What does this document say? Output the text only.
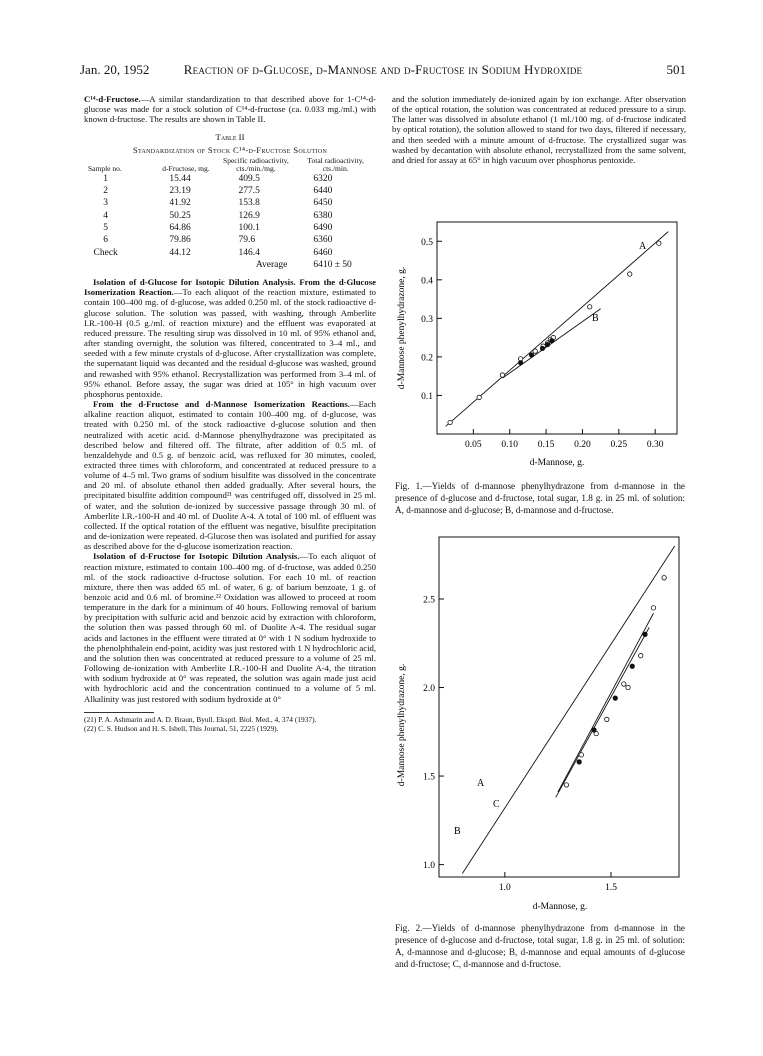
Jan. 20, 1952	Reaction of d-Glucose, d-Mannose and d-Fructose in Sodium Hydroxide	501

C¹⁴-d-Fructose.—A similar standardization to that described above for 1-C¹⁴-d-glucose was made for a stock solution of C¹⁴-d-fructose (ca. 0.033 mg./ml.) with known d-fructose. The results are shown in Table II.

Table II
Standardization of Stock C¹⁴-d-Fructose Solution
Sample no.	d-Fructose, mg.	Specific radioactivity, cts./min./mg.	Total radioactivity, cts./min.
1	15.44	409.5	6320
2	23.19	277.5	6440
3	41.92	153.8	6450
4	50.25	126.9	6380
5	64.86	100.1	6490
6	79.86	79.6	6360
Check	44.12	146.4	6460
		Average	6410 ± 50

Isolation of d-Glucose for Isotopic Dilution Analysis. From the d-Glucose Isomerization Reaction.—To each aliquot of the reaction mixture, estimated to contain 100–400 mg. of d-glucose, was added 0.250 ml. of the stock radioactive d-glucose solution. The solution was passed, with washing, through Amberlite I.R.-100-H (0.5 g./ml. of reaction mixture) and the effluent was evaporated at reduced pressure. The resulting sirup was dissolved in 10 ml. of 95% ethanol and, after standing overnight, the solution was filtered, concentrated to 3–4 ml., and seeded with a few minute crystals of d-glucose. After crystallization was complete, the supernatant liquid was decanted and the residual d-glucose was washed, ground and rewashed with 95% ethanol. Recrystallization was performed from 3–4 ml. of 95% ethanol. Before assay, the sugar was dried at 105° in high vacuum over phosphorus pentoxide.

From the d-Fructose and d-Mannose Isomerization Reactions.—Each alkaline reaction aliquot, estimated to contain 100–400 mg. of d-glucose, was treated with 0.250 ml. of the stock radioactive d-glucose solution and then neutralized with acetic acid. d-Mannose phenylhydrazone was precipitated as described below and filtered off. The filtrate, after addition of 0.5 ml. of benzaldehyde and 0.5 g. of benzoic acid, was refluxed for 30 minutes, cooled, extracted three times with chloroform, and concentrated at reduced pressure to a volume of 4–5 ml. Two grams of sodium bisulfite was dissolved in the concentrate and 20 ml. of absolute ethanol then added gradually. After several hours, the precipitated bisulfite addition compound²¹ was centrifuged off, dissolved in 25 ml. of water, and the solution de-ionized by successive passage through 30 ml. of Amberlite I.R.-100-H and 40 ml. of Duolite A-4. A total of 100 ml. of effluent was collected. If the optical rotation of the effluent was negative, bisulfite precipitation and de-ionization were repeated. d-Glucose then was isolated and purified for assay as described above for the d-glucose isomerization reaction.

Isolation of d-Fructose for Isotopic Dilution Analysis.—To each aliquot of reaction mixture, estimated to contain 100–400 mg. of d-fructose, was added 0.250 ml. of the stock radioactive d-fructose solution. For each 10 ml. of reaction mixture, there then was added 65 ml. of water, 6 g. of barium benzoate, 1 g. of benzoic acid and 0.6 ml. of bromine.²² Oxidation was allowed to proceed at room temperature in the dark for a minimum of 40 hours. Following removal of barium by precipitation with sulfuric acid and benzoic acid by extraction with chloroform, the solution then was passed through 60 ml. of Duolite A-4. The residual sugar acids and lactones in the effluent were titrated at 0° with 1 N sodium hydroxide to the phenolphthalein end-point, acidity was just restored with 1 N hydrochloric acid, and the solution then was concentrated at reduced pressure to a volume of 25 ml. Following de-ionization with Amberlite I.R.-100-H and Duolite A-4, the titration with sodium hydroxide at 0° was repeated, the solution was again made just acid with hydrochloric acid and the concentration continued to a volume of 5 ml. Alkalinity was just restored with sodium hydroxide at 0°

(21) P. A. Ashmarin and A. D. Braun, Byull. Eksptl. Biol. Med., 4, 374 (1937).
(22) C. S. Hudson and H. S. Isbell, This Journal, 51, 2225 (1929).

and the solution immediately de-ionized again by ion exchange. After observation of the optical rotation, the solution was concentrated at reduced pressure to a sirup. The latter was dissolved in absolute ethanol (1 ml./100 mg. of d-fructose indicated by optical rotation), the solution allowed to stand for two days, filtered if necessary, and then seeded with a minute amount of d-fructose. The crystallized sugar was washed by decantation with absolute ethanol, recrystallized from the same solvent, and dried for assay at 65° in high vacuum over phosphorus pentoxide.

0.05 0.10 0.15 0.20 0.25 0.30
0.1
0.2
0.3
0.4
0.5
d-Mannose, g.
d-Mannose phenylhydrazone, g.
A
B
Fig. 1.—Yields of d-mannose phenylhydrazone from d-mannose in the presence of d-glucose and d-fructose, total sugar, 1.8 g. in 25 ml. of solution: A, d-mannose and d-glucose; B, d-mannose and d-fructose.
1.0	1.5
1.0
1.5
2.0
2.5
d-Mannose, g.
d-Mannose phenylhydrazone, g.	A
C
B
Fig. 2.—Yields of d-mannose phenylhydrazone from d-mannose in the presence of d-glucose and d-fructose, total sugar, 1.8 g. in 25 ml. of solution: A, d-mannose and d-glucose; B, d-mannose and equal amounts of d-glucose and d-fructose; C, d-mannose and d-fructose.
